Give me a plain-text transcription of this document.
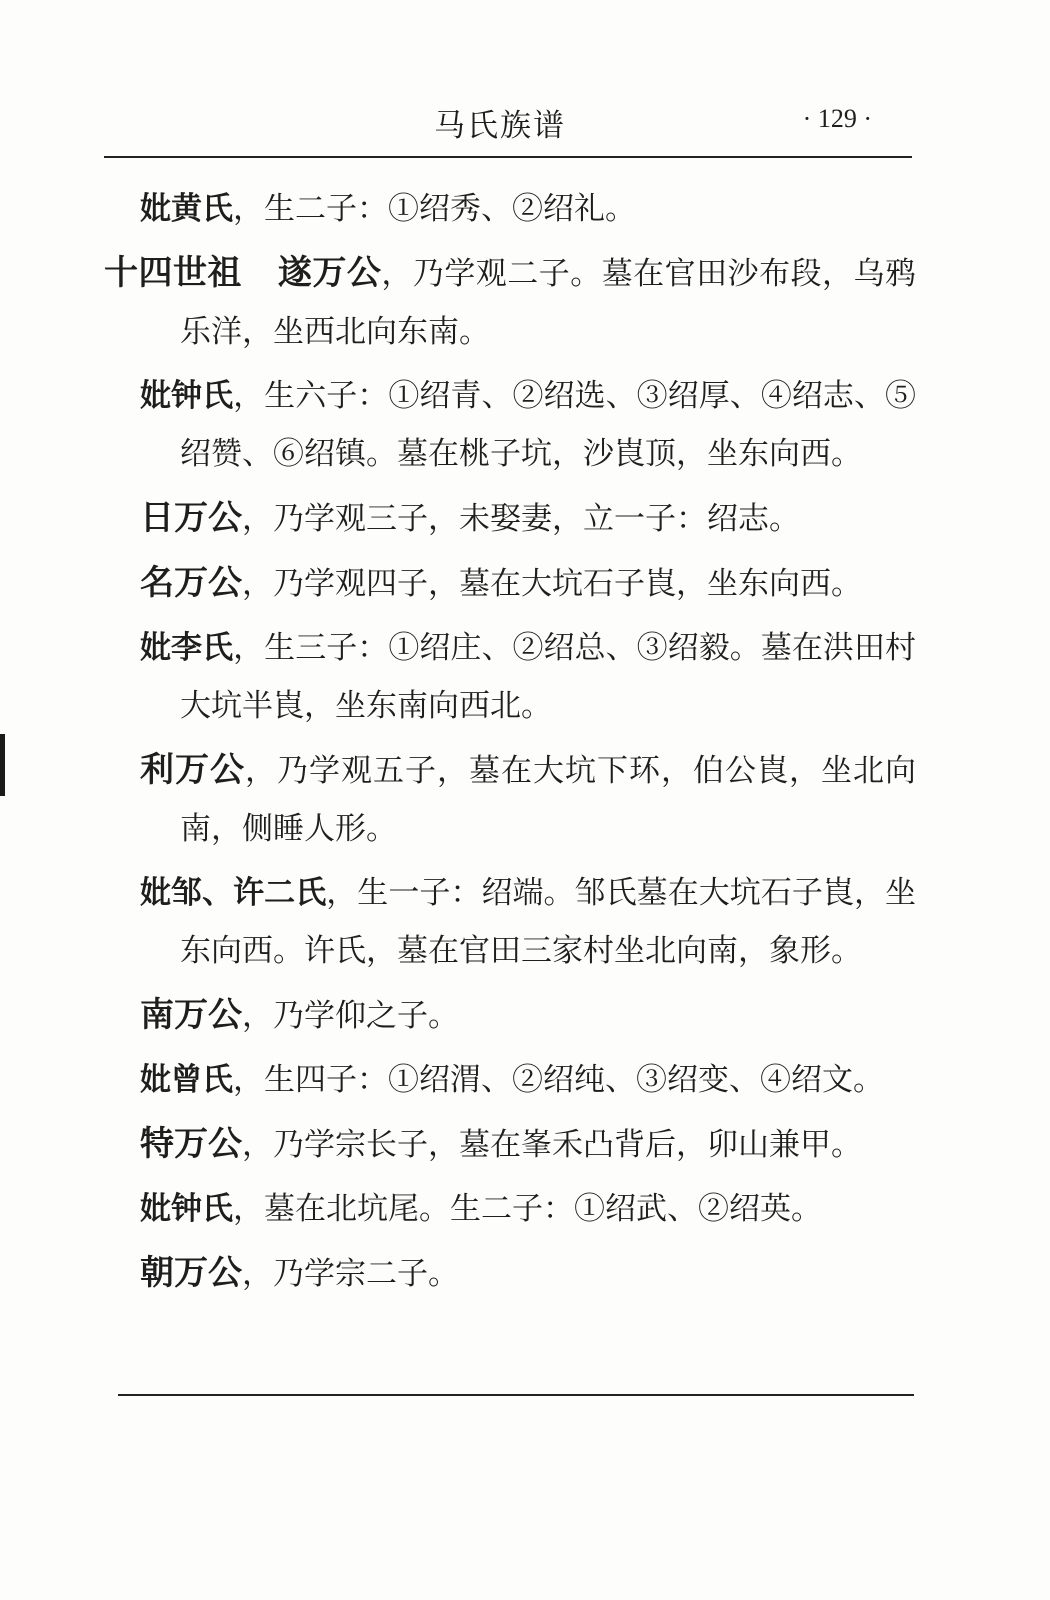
马氏族谱	· 129 ·

妣黄氏，生二子：①绍秀、②绍礼。

十四世祖 遂万公，乃学观二子。墓在官田沙布段，乌鸦乐洋，坐西北向东南。

妣钟氏，生六子：①绍青、②绍选、③绍厚、④绍志、⑤绍赞、⑥绍镇。墓在桃子坑，沙崀顶，坐东向西。

日万公，乃学观三子，未娶妻，立一子：绍志。

名万公，乃学观四子，墓在大坑石子崀，坐东向西。

妣李氏，生三子：①绍庄、②绍总、③绍毅。墓在洪田村大坑半崀，坐东南向西北。

利万公，乃学观五子，墓在大坑下环，伯公崀，坐北向南，侧睡人形。

妣邹、许二氏，生一子：绍端。邹氏墓在大坑石子崀，坐东向西。许氏，墓在官田三家村坐北向南，象形。

南万公，乃学仰之子。

妣曾氏，生四子：①绍渭、②绍纯、③绍变、④绍文。

特万公，乃学宗长子，墓在峯禾凸背后，卯山兼甲。

妣钟氏，墓在北坑尾。生二子：①绍武、②绍英。

朝万公，乃学宗二子。
